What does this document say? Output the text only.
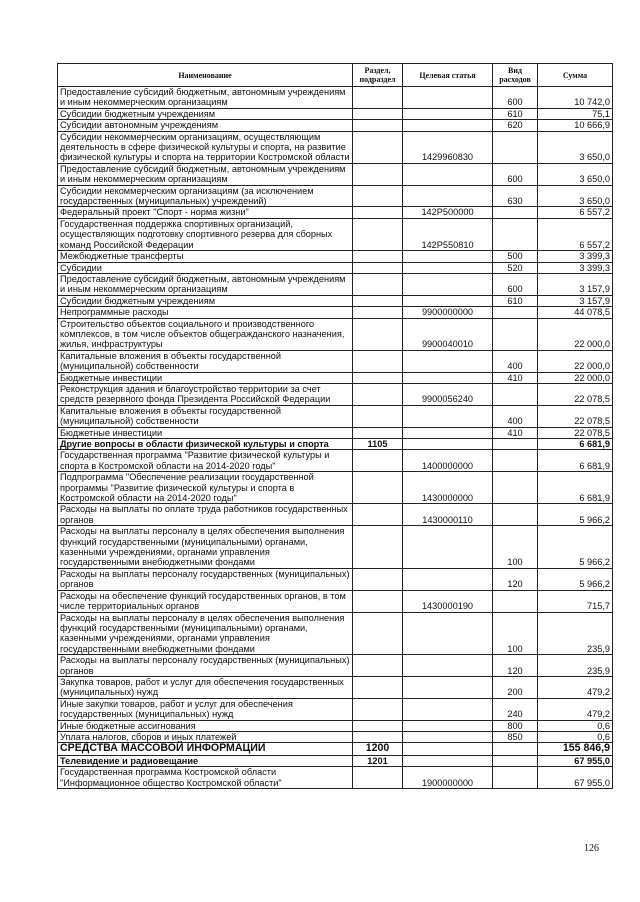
Наименование	Раздел, подраздел	Целевая статья	Вид расходов	Сумма
Предоставление субсидий бюджетным, автономным учреждениям и иным некоммерческим организациям			600	10 742,0
Субсидии бюджетным учреждениям			610	75,1
Субсидии автономным учреждениям			620	10 666,9
Субсидии некоммерческим организациям, осуществляющим деятельность в сфере физической культуры и спорта, на развитие физической культуры и спорта на территории Костромской области		1429960830		3 650,0
Предоставление субсидий бюджетным, автономным учреждениям и иным некоммерческим организациям			600	3 650,0
Субсидии некоммерческим организациям (за исключением государственных (муниципальных) учреждений)			630	3 650,0
Федеральный проект "Спорт - норма жизни"		142P500000		6 557,2
Государственная поддержка спортивных организаций, осуществляющих подготовку спортивного резерва для сборных команд Российской Федерации		142P550810		6 557,2
Межбюджетные трансферты			500	3 399,3
Субсидии			520	3 399,3
Предоставление субсидий бюджетным, автономным учреждениям и иным некоммерческим организациям			600	3 157,9
Субсидии бюджетным учреждениям			610	3 157,9
Непрограммные расходы		9900000000		44 078,5
Строительство объектов социального и производственного комплексов, в том числе объектов общегражданского назначения, жилья, инфраструктуры		9900040010		22 000,0
Капитальные вложения в объекты государственной (муниципальной) собственности			400	22 000,0
Бюджетные инвестиции			410	22 000,0
Реконструкция здания и благоустройство территории за счет средств резервного фонда Президента Российской Федерации		9900056240		22 078,5
Капитальные вложения в объекты государственной (муниципальной) собственности			400	22 078,5
Бюджетные инвестиции			410	22 078,5
Другие вопросы в области физической культуры и спорта	1105			6 681,9
Государственная программа "Развитие физической культуры и спорта в Костромской области на 2014-2020 годы"		1400000000		6 681,9
Подпрограмма "Обеспечение реализации государственной программы "Развитие физической культуры и спорта в Костромской области на 2014-2020 годы"		1430000000		6 681,9
Расходы на выплаты по оплате труда работников государственных органов		1430000110		5 966,2
Расходы на выплаты персоналу в целях обеспечения выполнения функций государственными (муниципальными) органами, казенными учреждениями, органами управления государственными внебюджетными фондами			100	5 966,2
Расходы на выплаты персоналу государственных (муниципальных) органов			120	5 966,2
Расходы на обеспечение функций государственных органов, в том числе территориальных органов		1430000190		715,7
Расходы на выплаты персоналу в целях обеспечения выполнения функций государственными (муниципальными) органами, казенными учреждениями, органами управления государственными внебюджетными фондами			100	235,9
Расходы на выплаты персоналу государственных (муниципальных) органов			120	235,9
Закупка товаров, работ и услуг для обеспечения государственных (муниципальных) нужд			200	479,2
Иные закупки товаров, работ и услуг для обеспечения государственных (муниципальных) нужд			240	479,2
Иные бюджетные ассигнования			800	0,6
Уплата налогов, сборов и иных платежей			850	0,6
СРЕДСТВА МАССОВОЙ ИНФОРМАЦИИ	1200			155 846,9
Телевидение и радиовещание	1201			67 955,0
Государственная программа Костромской области "Информационное общество Костромской области"		1900000000		67 955,0
126
